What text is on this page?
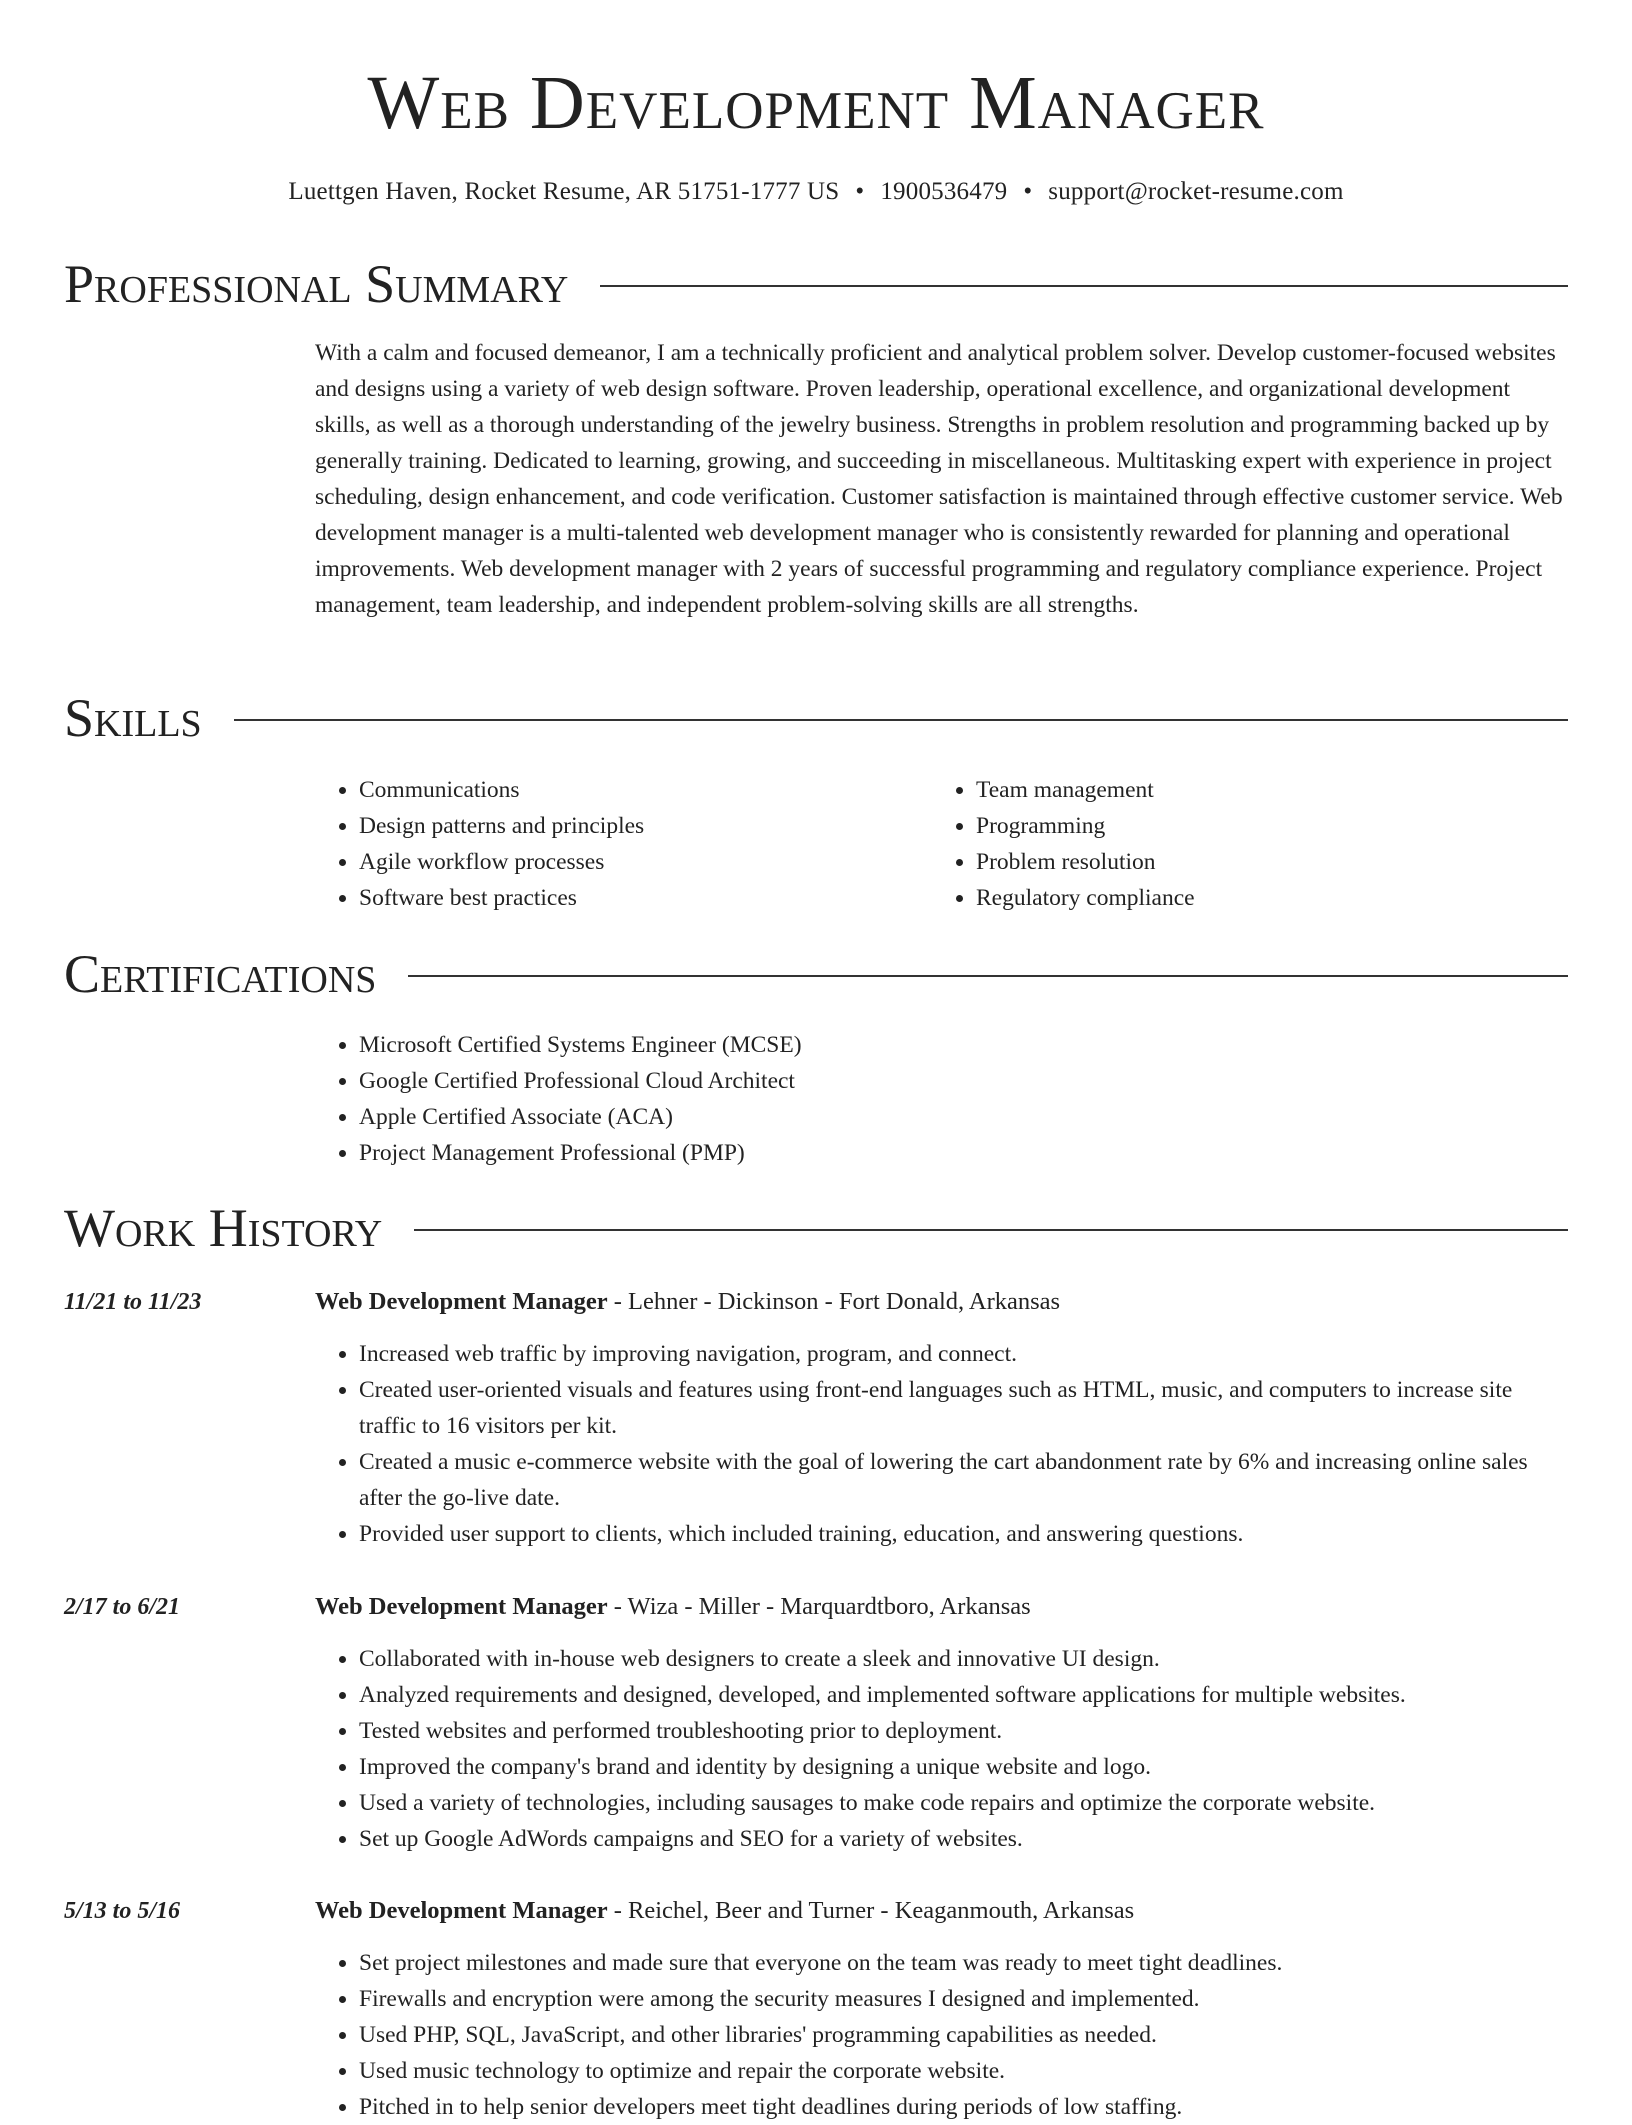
Web Development Manager
Luettgen Haven, Rocket Resume, AR 51751-1777 US • 1900536479 • support@rocket-resume.com
Professional Summary

With a calm and focused demeanor, I am a technically proficient and analytical problem solver. Develop customer-focused websites and designs using a variety of web design software. Proven leadership, operational excellence, and organizational development skills, as well as a thorough understanding of the jewelry business. Strengths in problem resolution and programming backed up by generally training. Dedicated to learning, growing, and succeeding in miscellaneous. Multitasking expert with experience in project scheduling, design enhancement, and code verification. Customer satisfaction is maintained through effective customer service. Web development manager is a multi-talented web development manager who is consistently rewarded for planning and operational improvements. Web development manager with 2 years of successful programming and regulatory compliance experience. Project management, team leadership, and independent problem-solving skills are all strengths.

Skills
• Communications
• Design patterns and principles
• Agile workflow processes
• Software best practices
• Team management
• Programming
• Problem resolution
• Regulatory compliance
Certifications
• Microsoft Certified Systems Engineer (MCSE)
• Google Certified Professional Cloud Architect
• Apple Certified Associate (ACA)
• Project Management Professional (PMP)
Work History
11/21 to 11/23	Web Development Manager - Lehner - Dickinson - Fort Donald, Arkansas
• Increased web traffic by improving navigation, program, and connect.
• Created user-oriented visuals and features using front-end languages such as HTML, music, and computers to increase site traffic to 16 visitors per kit.
• Created a music e-commerce website with the goal of lowering the cart abandonment rate by 6% and increasing online sales after the go-live date.
• Provided user support to clients, which included training, education, and answering questions.
2/17 to 6/21	Web Development Manager - Wiza - Miller - Marquardtboro, Arkansas
• Collaborated with in-house web designers to create a sleek and innovative UI design.
• Analyzed requirements and designed, developed, and implemented software applications for multiple websites.
• Tested websites and performed troubleshooting prior to deployment.
• Improved the company's brand and identity by designing a unique website and logo.
• Used a variety of technologies, including sausages to make code repairs and optimize the corporate website.
• Set up Google AdWords campaigns and SEO for a variety of websites.
5/13 to 5/16	Web Development Manager - Reichel, Beer and Turner - Keaganmouth, Arkansas
• Set project milestones and made sure that everyone on the team was ready to meet tight deadlines.
• Firewalls and encryption were among the security measures I designed and implemented.
• Used PHP, SQL, JavaScript, and other libraries' programming capabilities as needed.
• Used music technology to optimize and repair the corporate website.
• Pitched in to help senior developers meet tight deadlines during periods of low staffing.
